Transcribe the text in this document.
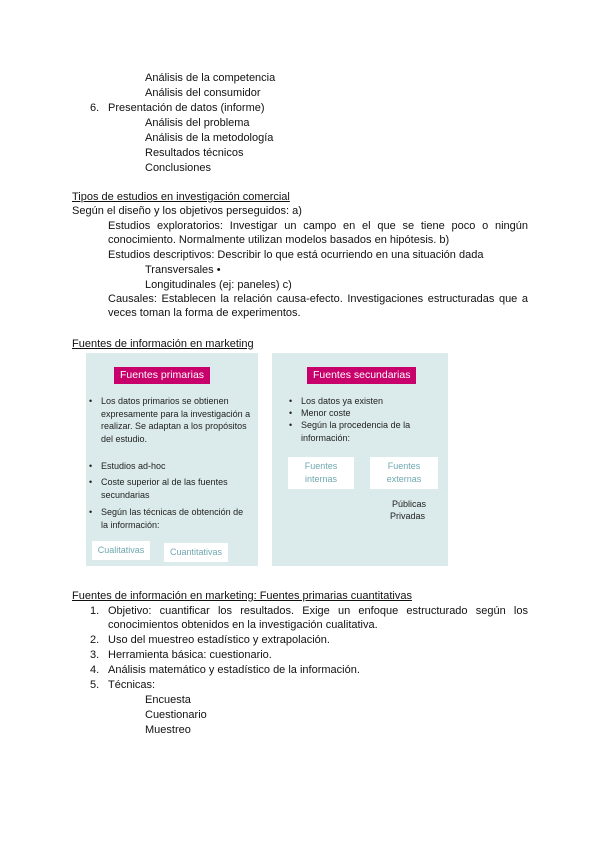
Análisis de la competencia
Análisis del consumidor
6. Presentación de datos (informe)
Análisis del problema
Análisis de la metodología
Resultados técnicos
Conclusiones
Tipos de estudios en investigación comercial
Según el diseño y los objetivos perseguidos: a)
Estudios exploratorios: Investigar un campo en el que se tiene poco o ningún conocimiento. Normalmente utilizan modelos basados en hipótesis. b)
Estudios descriptivos: Describir lo que está ocurriendo en una situación dada
Transversales •
Longitudinales (ej: paneles) c)
Causales: Establecen la relación causa-efecto. Investigaciones estructuradas que a veces toman la forma de experimentos.
Fuentes de información en marketing
Fuentes primarias
• Los datos primarios se obtienen expresamente para la investigación a realizar. Se adaptan a los propósitos del estudio.
• Estudios ad-hoc
• Coste superior al de las fuentes secundarias
• Según las técnicas de obtención de la información:
Cualitativas	Cuantitativas
Fuentes secundarias
• Los datos ya existen
• Menor coste
• Según la procedencia de la información:
Fuentes internas
Fuentes externas
Públicas
Privadas
Fuentes de información en marketing: Fuentes primarias cuantitativas
1. Objetivo: cuantificar los resultados. Exige un enfoque estructurado según los conocimientos obtenidos en la investigación cualitativa.
2. Uso del muestreo estadístico y extrapolación.
3. Herramienta básica: cuestionario.
4. Análisis matemático y estadístico de la información.
5. Técnicas:
Encuesta
Cuestionario
Muestreo
